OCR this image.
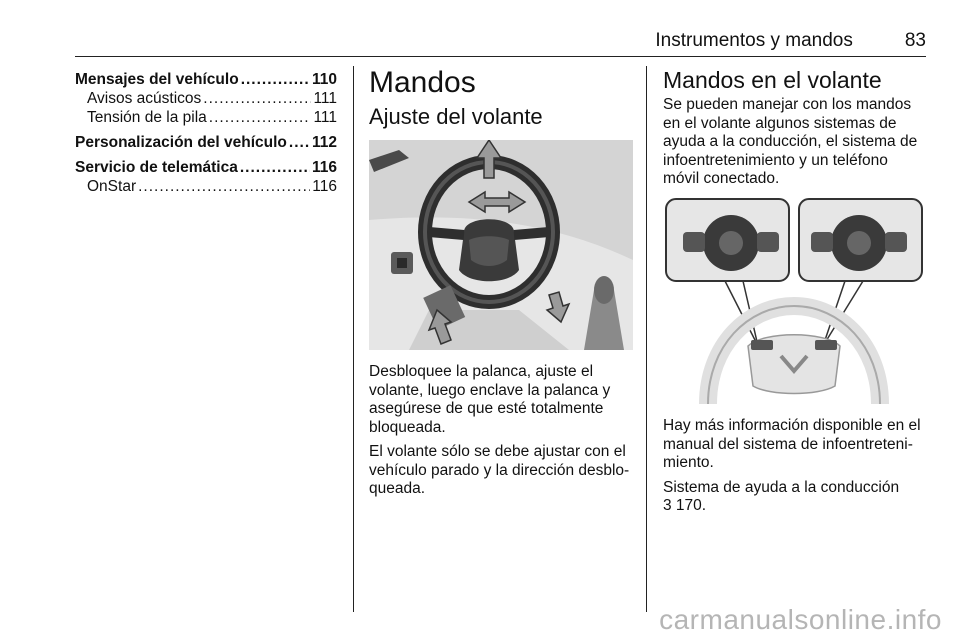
Instrumentos y mandos	83
Mensajes del vehículo .....	110
Avisos acústicos .....	111
Tensión de la pila .....	111
Personalización del vehículo ..... 112
Servicio de telemática .....	116
OnStar .....	116
Mandos
Ajuste del volante

Desbloquee la palanca, ajuste el
volante, luego enclave la palanca y
asegúrese de que esté totalmente
bloqueada.

El volante sólo se debe ajustar con el
vehículo parado y la dirección desblo-
queada.

Mandos en el volante

Se pueden manejar con los mandos
en el volante algunos sistemas de
ayuda a la conducción, el sistema de
infoentretenimiento y un teléfono
móvil conectado.

Hay más información disponible en el
manual del sistema de infoentreteni-
miento.

Sistema de ayuda a la conducción
3 170.

carmanualsonline.info
